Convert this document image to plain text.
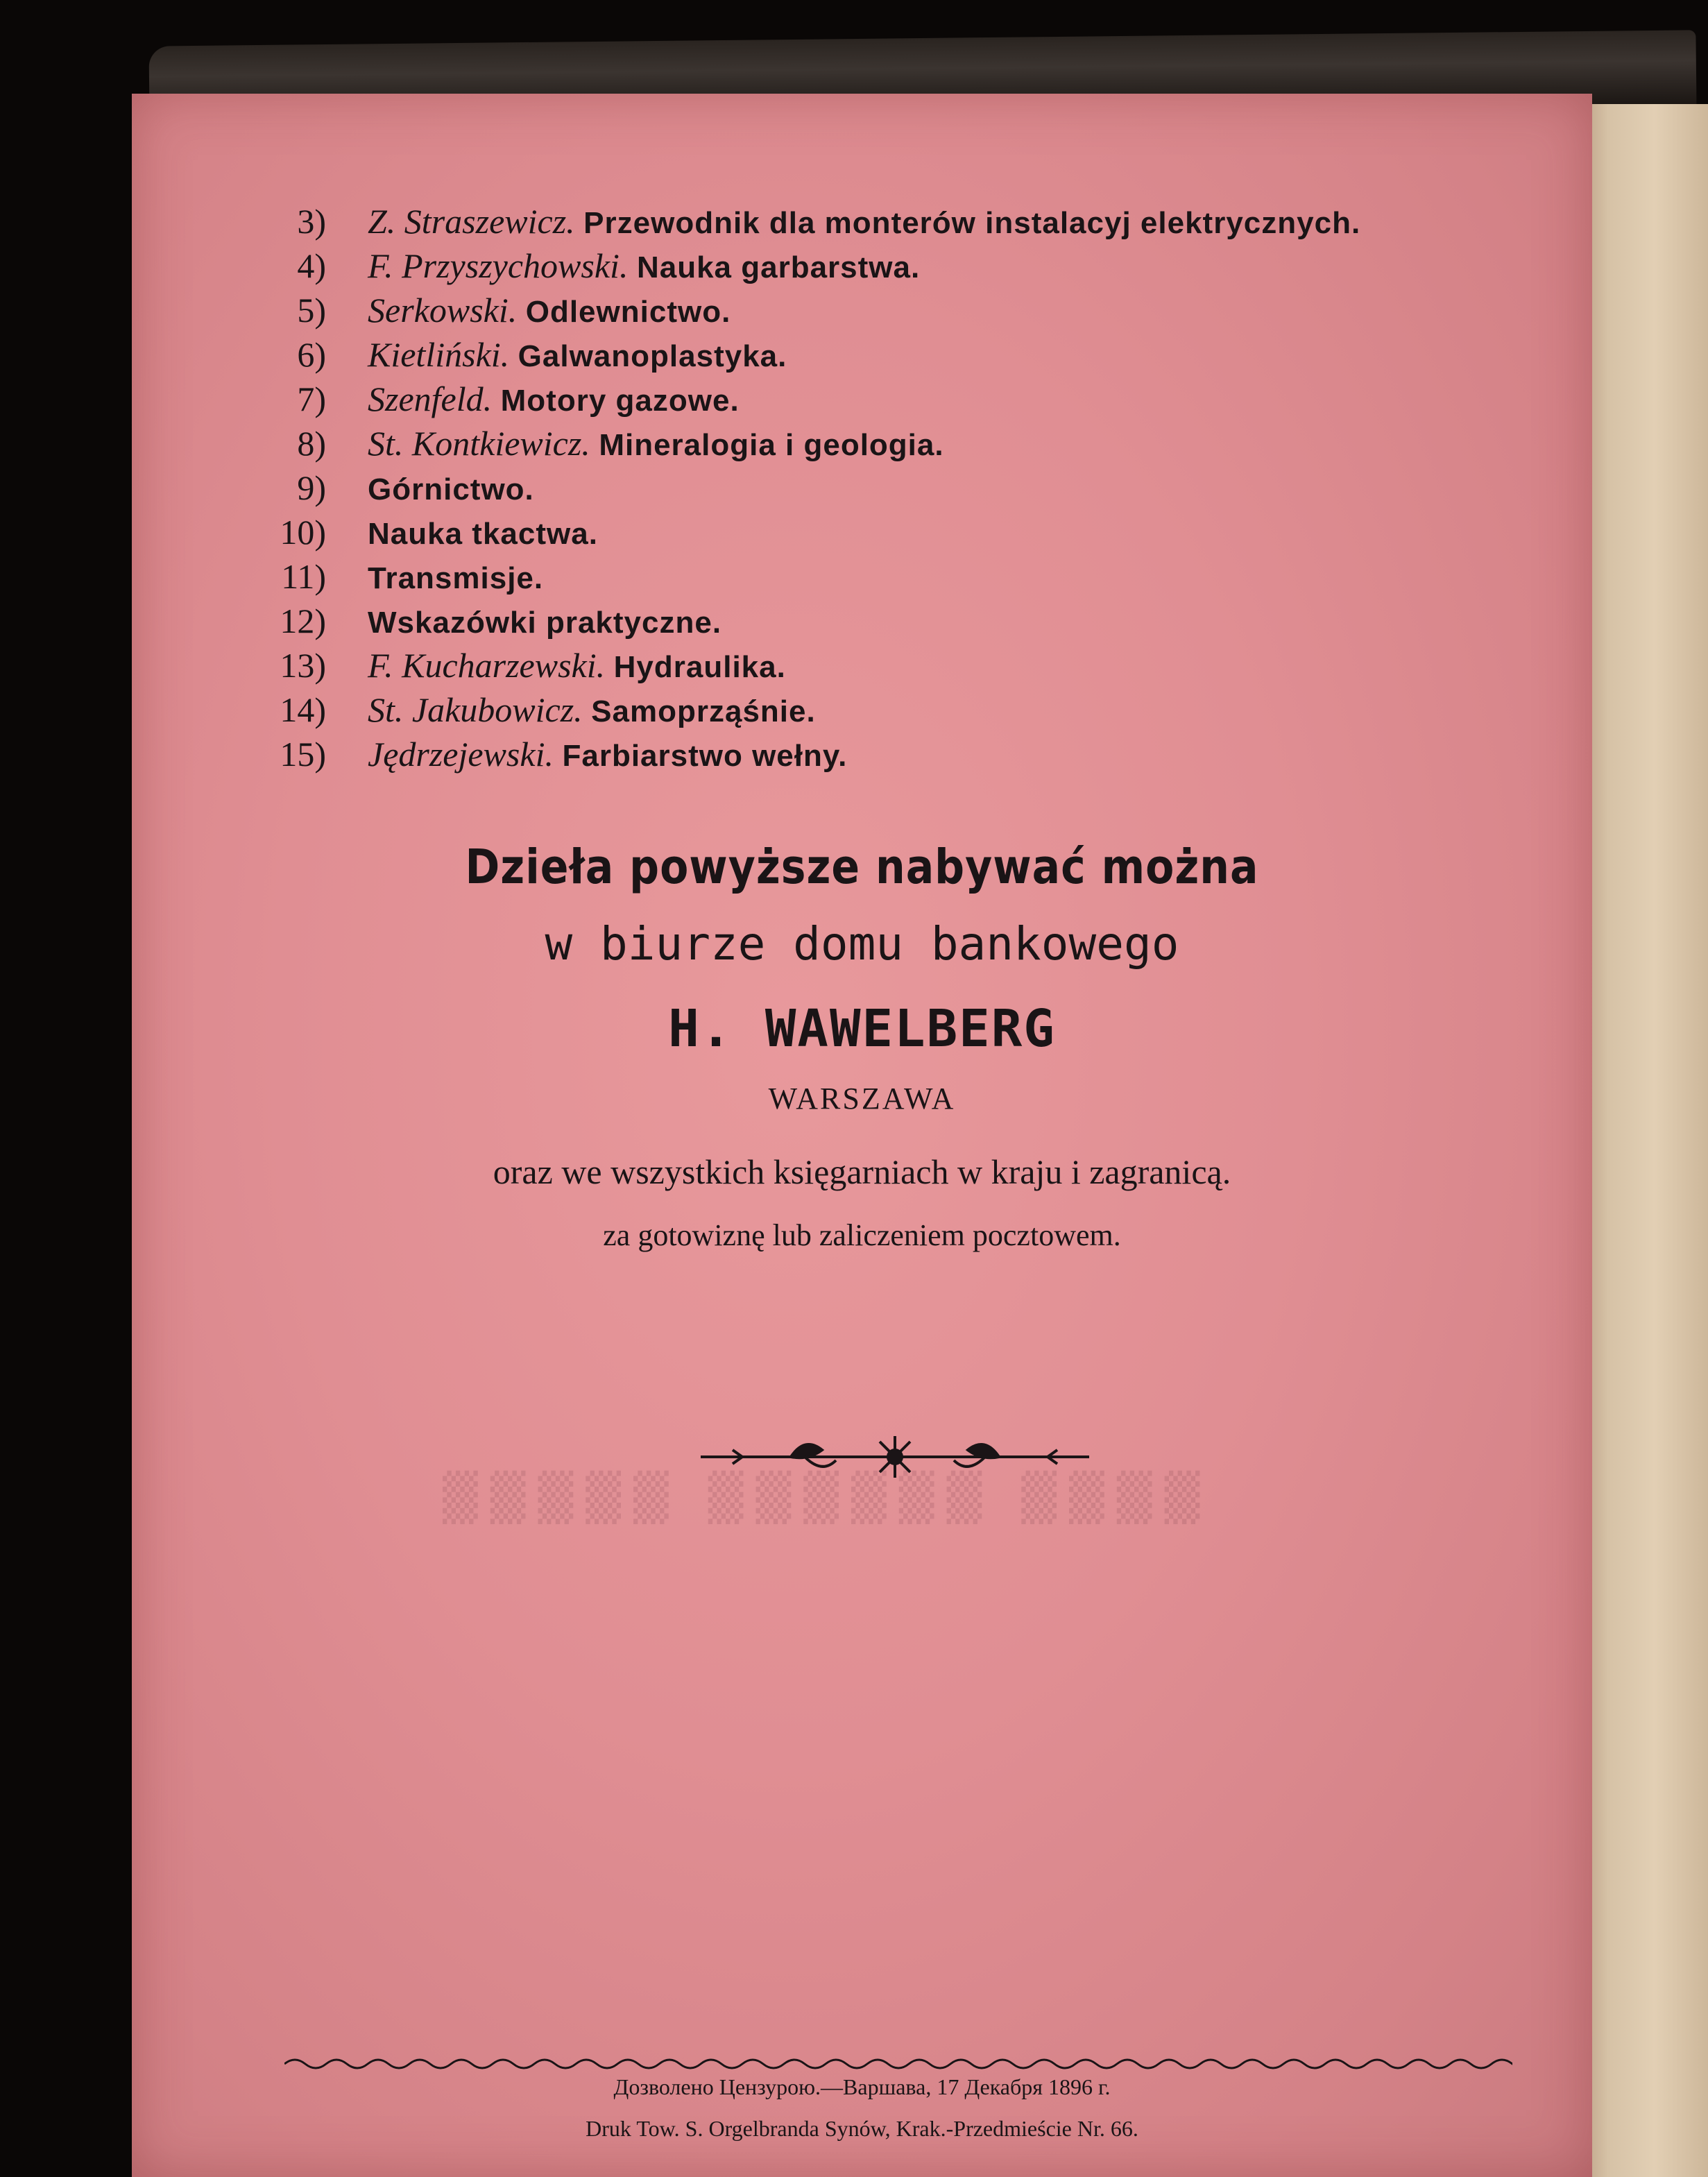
▒▒▒▒ ▒▒▒▒▒▒ ▒▒▒▒▒
3) Z. Straszewicz. Przewodnik dla monterów instalacyj elektrycznych.
4) F. Przyszychowski. Nauka garbarstwa.
5) Serkowski. Odlewnictwo.
6) Kietliński. Galwanoplastyka.
7) Szenfeld. Motory gazowe.
8) St. Kontkiewicz. Mineralogia i geologia.
9) Górnictwo.
10) Nauka tkactwa.
11) Transmisje.
12) Wskazówki praktyczne.
13) F. Kucharzewski. Hydraulika.
14) St. Jakubowicz. Samoprząśnie.
15) Jędrzejewski. Farbiarstwo wełny.
Dzieła powyższe nabywać można
w biurze domu bankowego
H. WAWELBERG
WARSZAWA
oraz we wszystkich księgarniach w kraju i zagranicą.
za gotowiznę lub zaliczeniem pocztowem.
Дозволено Цензурою.—Варшава, 17 Декабря 1896 г.
Druk Tow. S. Orgelbranda Synów, Krak.-Przedmieście Nr. 66.
